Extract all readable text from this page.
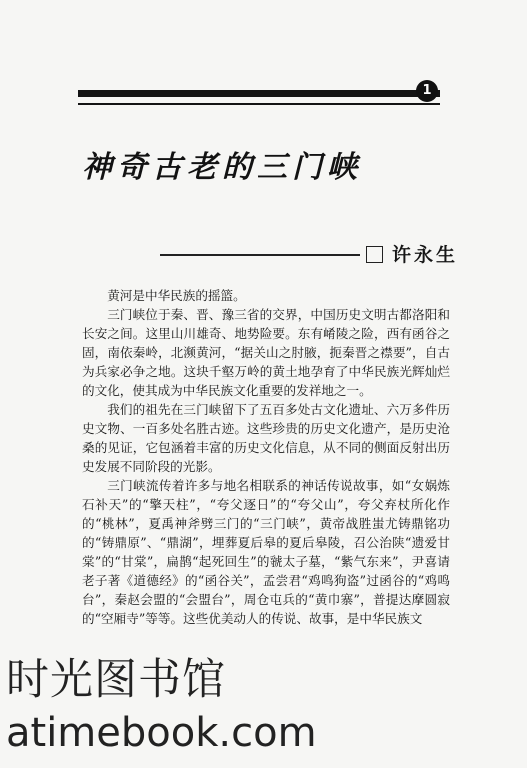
1
神奇古老的三门峡
许永生

黄河是中华民族的摇篮。

三门峡位于秦、晋、豫三省的交界，中国历史文明古都洛阳和长安之间。这里山川雄奇、地势险要。东有崤陵之险，西有函谷之固，南依秦岭，北濒黄河，“据关山之肘腋，扼秦晋之襟要”，自古为兵家必争之地。这块千壑万岭的黄土地孕育了中华民族光辉灿烂的文化，使其成为中华民族文化重要的发祥地之一。

我们的祖先在三门峡留下了五百多处古文化遗址、六万多件历史文物、一百多处名胜古迹。这些珍贵的历史文化遗产，是历史沧桑的见证，它包涵着丰富的历史文化信息，从不同的侧面反射出历史发展不同阶段的光影。

三门峡流传着许多与地名相联系的神话传说故事，如“女娲炼石补天”的“擎天柱”，“夸父逐日”的“夸父山”，夸父弃杖所化作的“桃林”，夏禹神斧劈三门的“三门峡”，黄帝战胜蚩尤铸鼎铭功的“铸鼎原”、“鼎湖”，埋葬夏后皋的夏后皋陵，召公治陕“遗爱甘棠”的“甘棠”，扁鹊“起死回生”的虢太子墓，“紫气东来”，尹喜请老子著《道德经》的“函谷关”，孟尝君“鸡鸣狗盗”过函谷的“鸡鸣台”，秦赵会盟的“会盟台”，周仓屯兵的“黄巾寨”，普提达摩圆寂的“空厢寺”等等。这些优美动人的传说、故事，是中华民族文

时光图书馆
atimebook.com
